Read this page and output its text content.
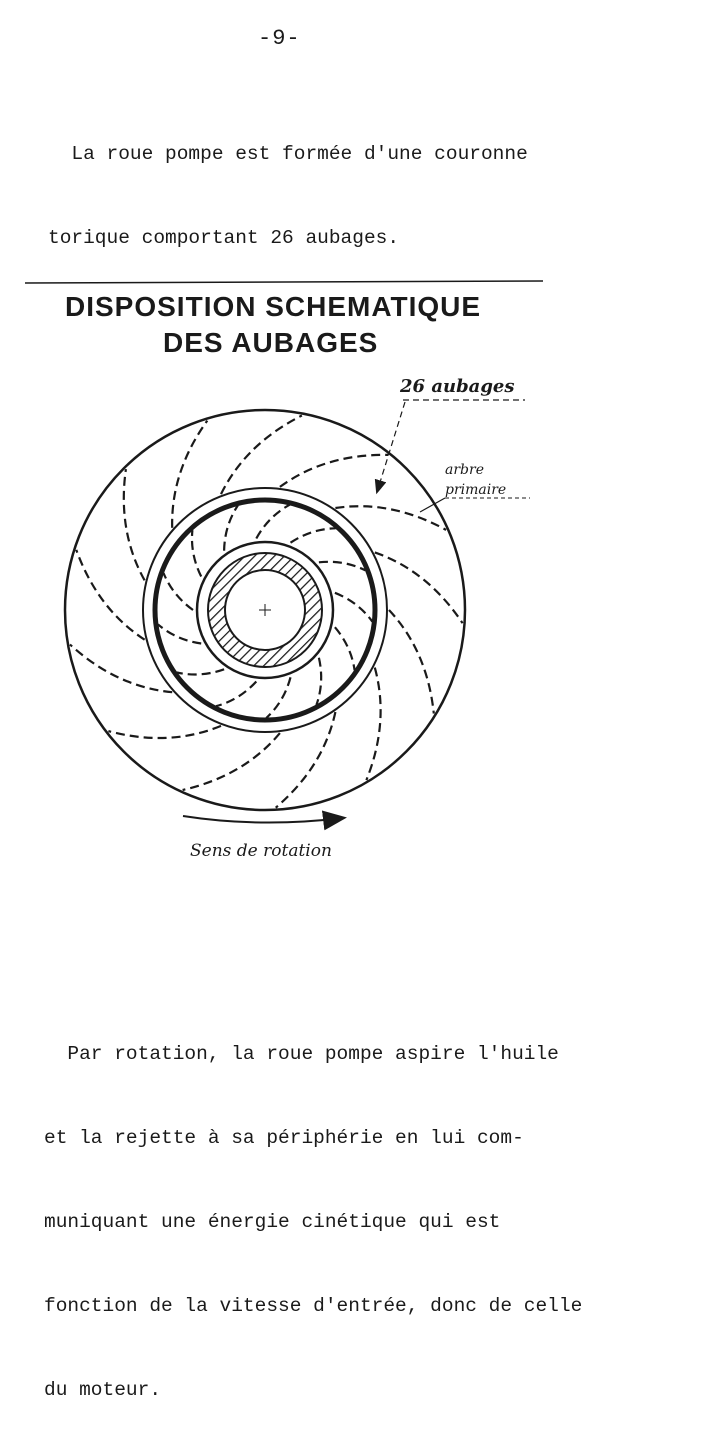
-9-

La roue pompe est formée d'une couronne

torique comportant 26 aubages.

DISPOSITION SCHEMATIQUE
DES AUBAGES
26 aubages
arbre
primaire
Sens de rotation

Par rotation, la roue pompe aspire l'huile

et la rejette à sa périphérie en lui com-

muniquant une énergie cinétique qui est

fonction de la vitesse d'entrée, donc de celle

du moteur.
